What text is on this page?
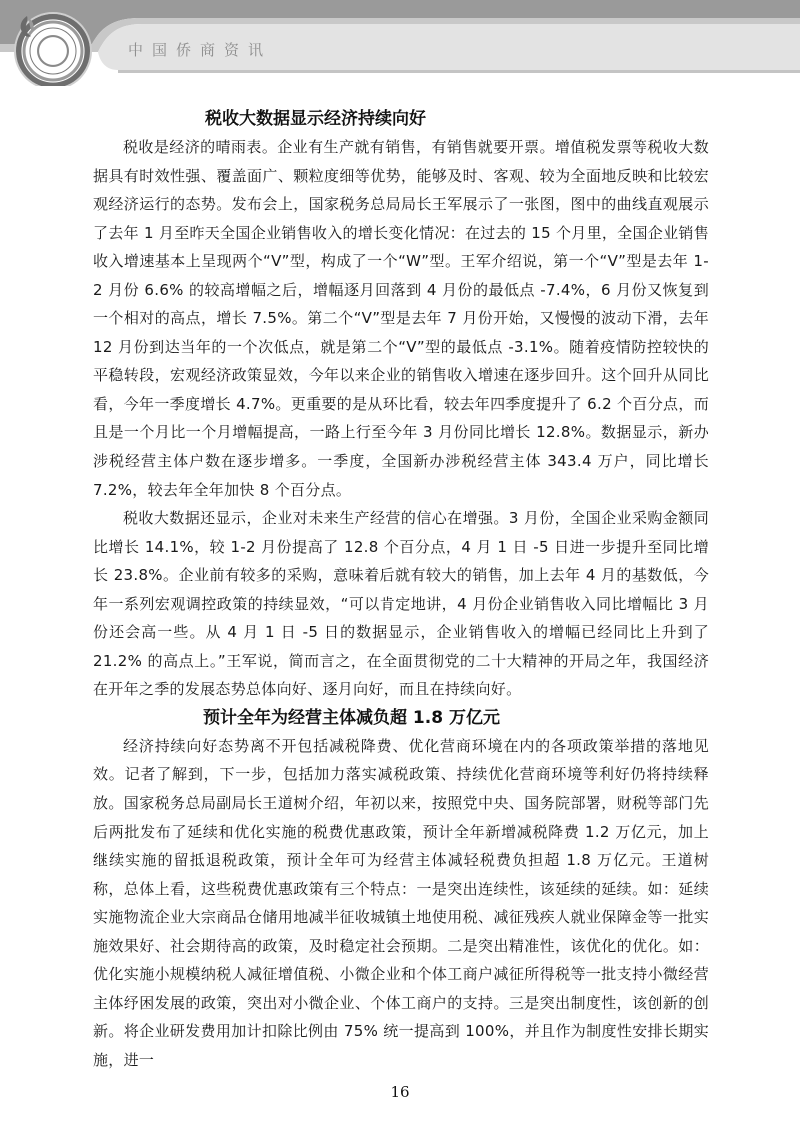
中国侨商资讯
税收大数据显示经济持续向好

税收是经济的晴雨表。企业有生产就有销售，有销售就要开票。增值税发票等税收大数据具有时效性强、覆盖面广、颗粒度细等优势，能够及时、客观、较为全面地反映和比较宏观经济运行的态势。发布会上，国家税务总局局长王军展示了一张图，图中的曲线直观展示了去年 1 月至昨天全国企业销售收入的增长变化情况：在过去的 15 个月里，全国企业销售收入增速基本上呈现两个“V”型，构成了一个“W”型。王军介绍说，第一个“V”型是去年 1-2 月份 6.6% 的较高增幅之后，增幅逐月回落到 4 月份的最低点 -7.4%，6 月份又恢复到一个相对的高点，增长 7.5%。第二个“V”型是去年 7 月份开始，又慢慢的波动下滑，去年 12 月份到达当年的一个次低点，就是第二个“V”型的最低点 -3.1%。随着疫情防控较快的平稳转段，宏观经济政策显效，今年以来企业的销售收入增速在逐步回升。这个回升从同比看，今年一季度增长 4.7%。更重要的是从环比看，较去年四季度提升了 6.2 个百分点，而且是一个月比一个月增幅提高，一路上行至今年 3 月份同比增长 12.8%。数据显示，新办涉税经营主体户数在逐步增多。一季度，全国新办涉税经营主体 343.4 万户，同比增长 7.2%，较去年全年加快 8 个百分点。

税收大数据还显示，企业对未来生产经营的信心在增强。3 月份，全国企业采购金额同比增长 14.1%，较 1-2 月份提高了 12.8 个百分点，4 月 1 日 -5 日进一步提升至同比增长 23.8%。企业前有较多的采购，意味着后就有较大的销售，加上去年 4 月的基数低，今年一系列宏观调控政策的持续显效，“可以肯定地讲，4 月份企业销售收入同比增幅比 3 月份还会高一些。从 4 月 1 日 -5 日的数据显示，企业销售收入的增幅已经同比上升到了 21.2% 的高点上。”王军说，简而言之，在全面贯彻党的二十大精神的开局之年，我国经济在开年之季的发展态势总体向好、逐月向好，而且在持续向好。

预计全年为经营主体减负超 1.8 万亿元

经济持续向好态势离不开包括减税降费、优化营商环境在内的各项政策举措的落地见效。记者了解到，下一步，包括加力落实减税政策、持续优化营商环境等利好仍将持续释放。国家税务总局副局长王道树介绍，年初以来，按照党中央、国务院部署，财税等部门先后两批发布了延续和优化实施的税费优惠政策，预计全年新增减税降费 1.2 万亿元，加上继续实施的留抵退税政策，预计全年可为经营主体减轻税费负担超 1.8 万亿元。王道树称，总体上看，这些税费优惠政策有三个特点：一是突出连续性，该延续的延续。如：延续实施物流企业大宗商品仓储用地减半征收城镇土地使用税、减征残疾人就业保障金等一批实施效果好、社会期待高的政策，及时稳定社会预期。二是突出精准性，该优化的优化。如：优化实施小规模纳税人减征增值税、小微企业和个体工商户减征所得税等一批支持小微经营主体纾困发展的政策，突出对小微企业、个体工商户的支持。三是突出制度性，该创新的创新。将企业研发费用加计扣除比例由 75% 统一提高到 100%，并且作为制度性安排长期实施，进一

16
